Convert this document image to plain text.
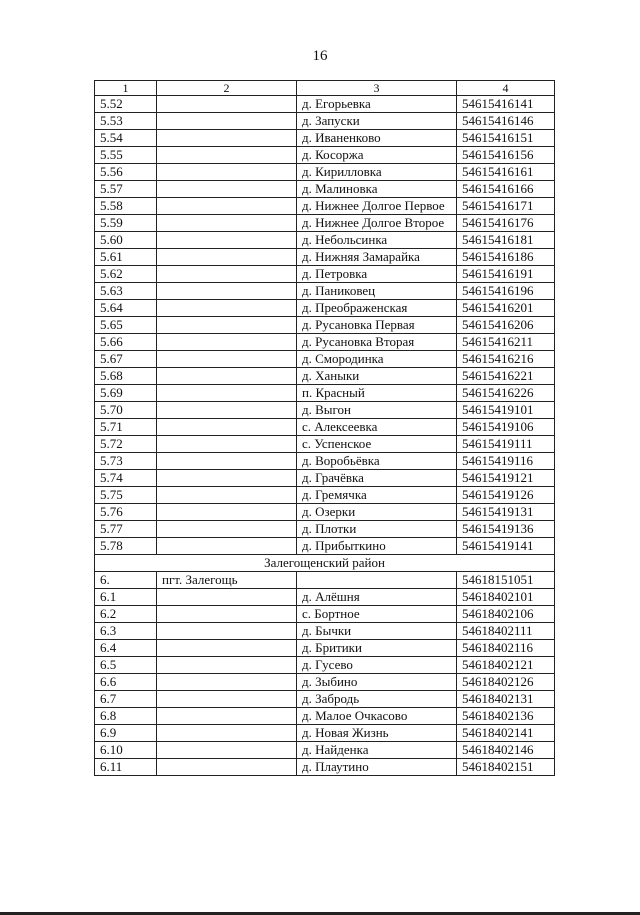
16
1	2	3	4
5.52		д. Егорьевка	54615416141
5.53		д. Запуски	54615416146
5.54		д. Иваненково	54615416151
5.55		д. Косоржа	54615416156
5.56		д. Кирилловка	54615416161
5.57		д. Малиновка	54615416166
5.58		д. Нижнее Долгое Первое	54615416171
5.59		д. Нижнее Долгое Второе	54615416176
5.60		д. Небольсинка	54615416181
5.61		д. Нижняя Замарайка	54615416186
5.62		д. Петровка	54615416191
5.63		д. Паниковец	54615416196
5.64		д. Преображенская	54615416201
5.65		д. Русановка Первая	54615416206
5.66		д. Русановка Вторая	54615416211
5.67		д. Смородинка	54615416216
5.68		д. Ханыки	54615416221
5.69		п. Красный	54615416226
5.70		д. Выгон	54615419101
5.71		с. Алексеевка	54615419106
5.72		с. Успенское	54615419111
5.73		д. Воробьёвка	54615419116
5.74		д. Грачёвка	54615419121
5.75		д. Гремячка	54615419126
5.76		д. Озерки	54615419131
5.77		д. Плотки	54615419136
5.78		д. Прибыткино	54615419141
Залегощенский район			
6.	пгт. Залегощь		54618151051
6.1		д. Алёшня	54618402101
6.2		с. Бортное	54618402106
6.3		д. Бычки	54618402111
6.4		д. Бритики	54618402116
6.5		д. Гусево	54618402121
6.6		д. Зыбино	54618402126
6.7		д. Забродь	54618402131
6.8		д. Малое Очкасово	54618402136
6.9		д. Новая Жизнь	54618402141
6.10		д. Найденка	54618402146
6.11		д. Плаутино	54618402151
